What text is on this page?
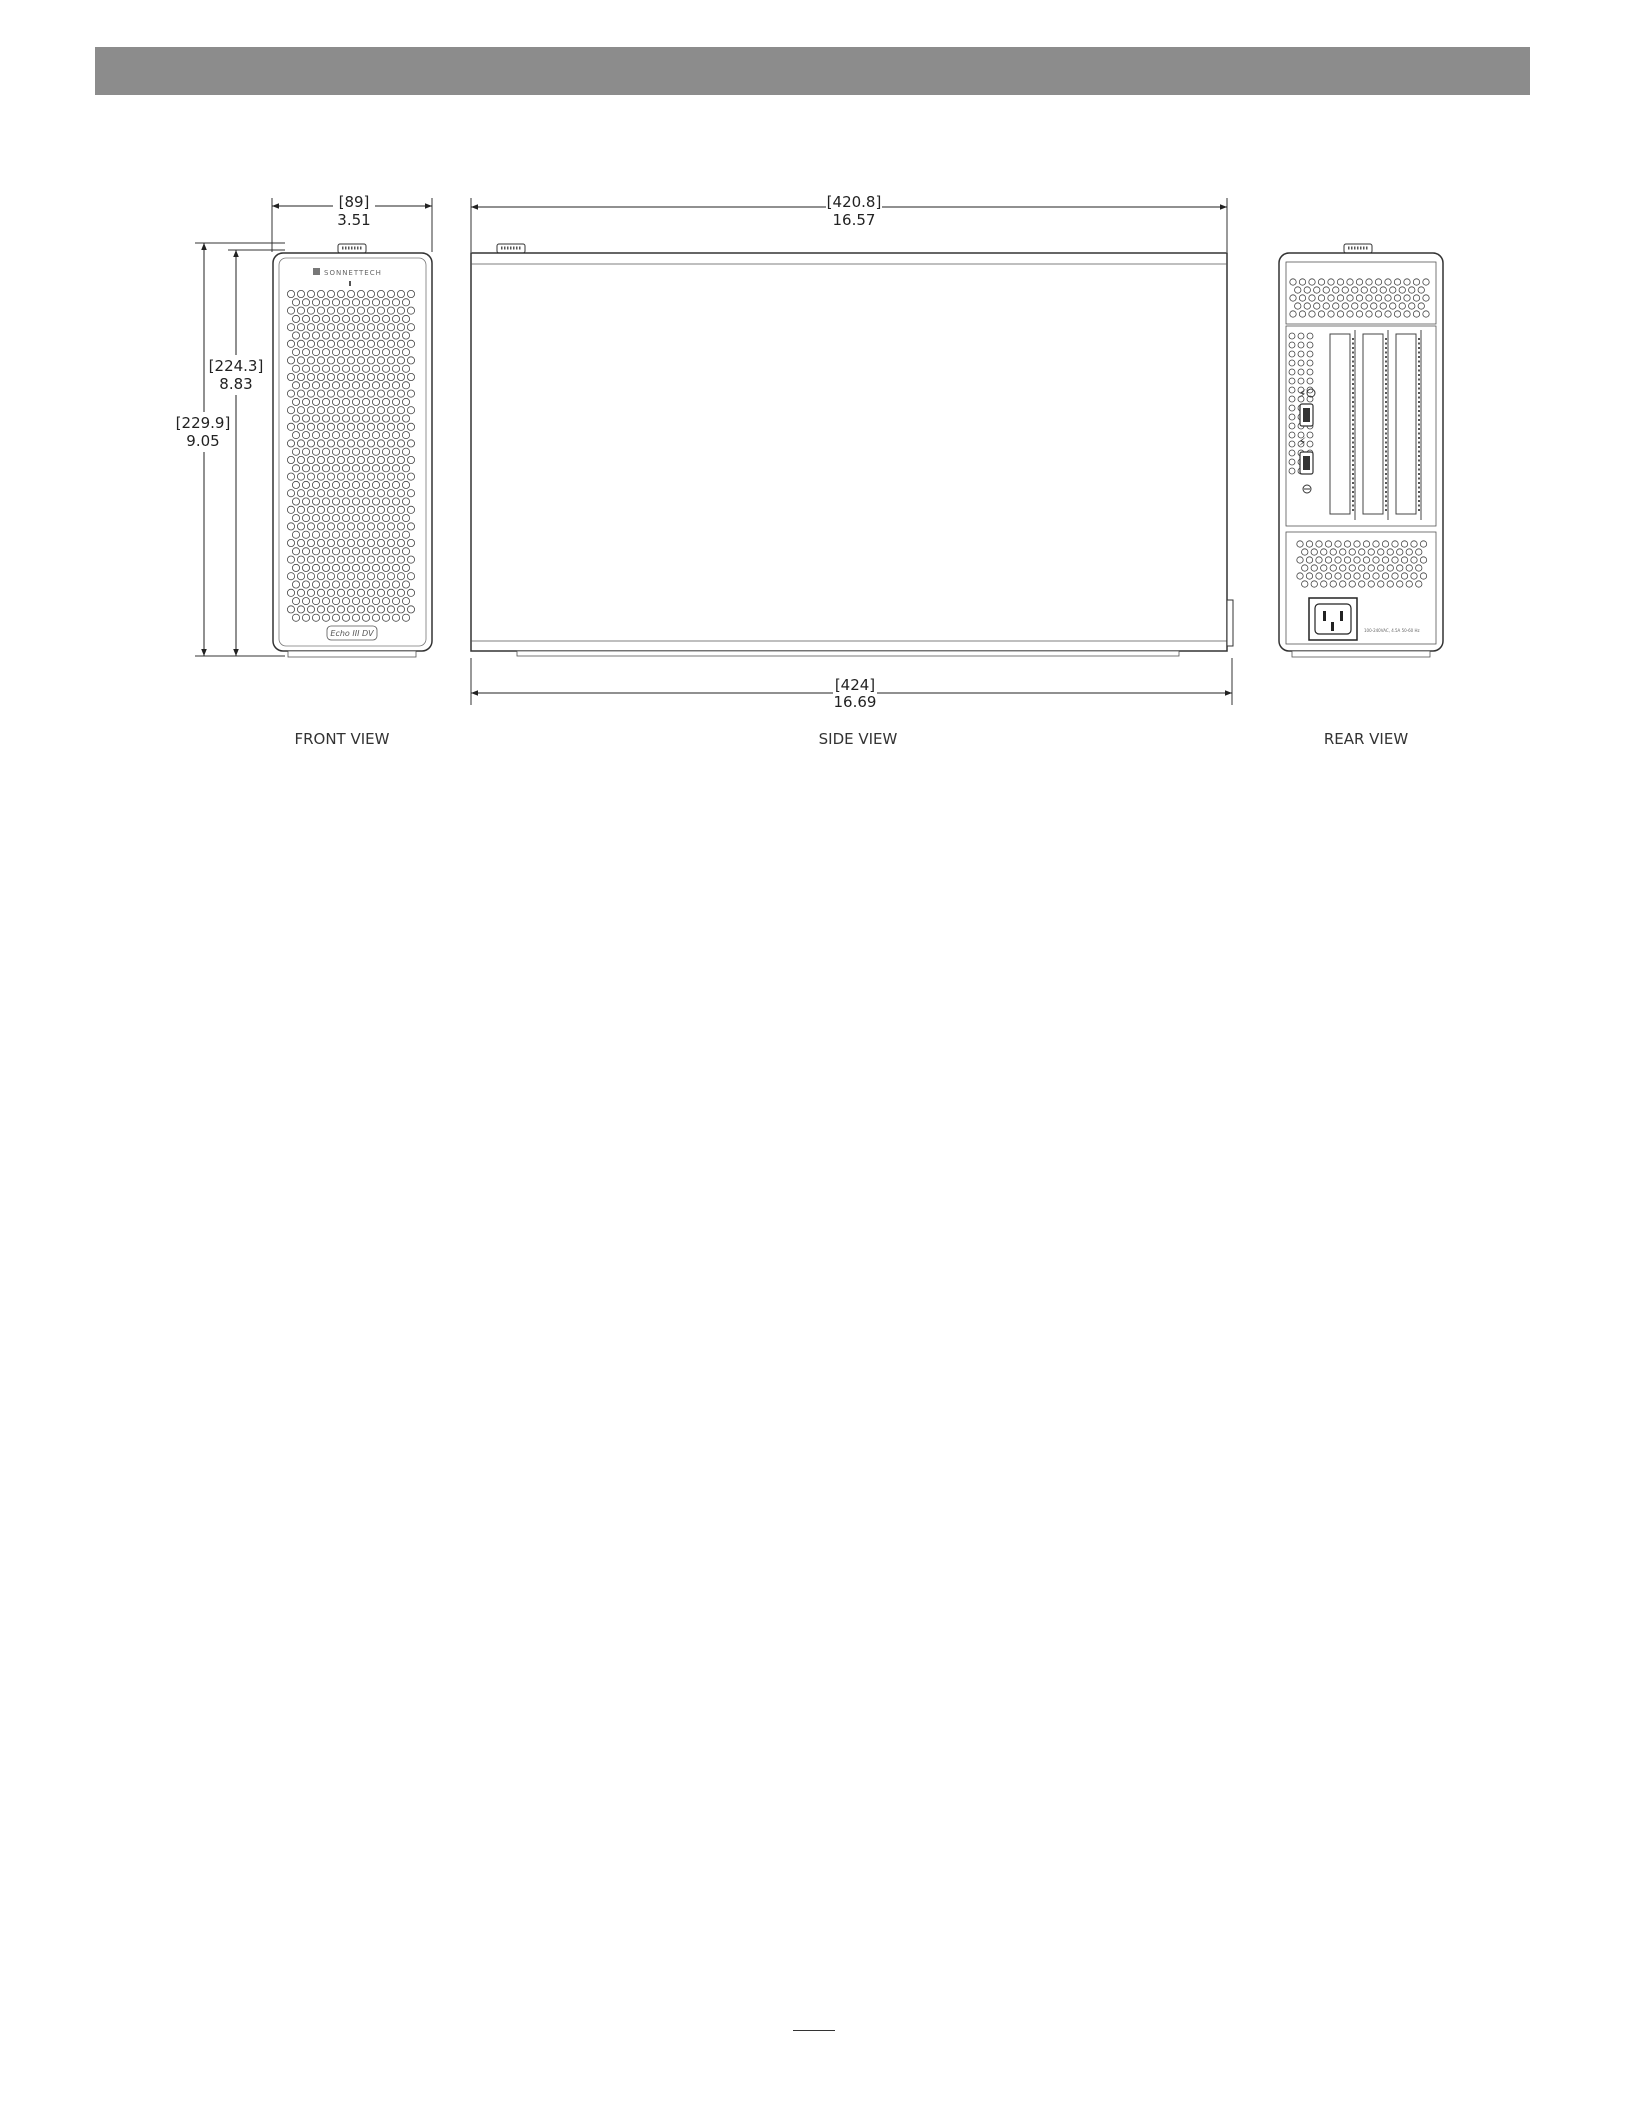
[89]
3.51
[224.3]
8.83
[229.9]
9.05
SONNETTECH
Echo III DV
FRONT VIEW
[420.8]
16.57
[424]
16.69
SIDE VIEW
⚡
⚡
100-240VAC, 4.5A 50-60 Hz
REAR VIEW
